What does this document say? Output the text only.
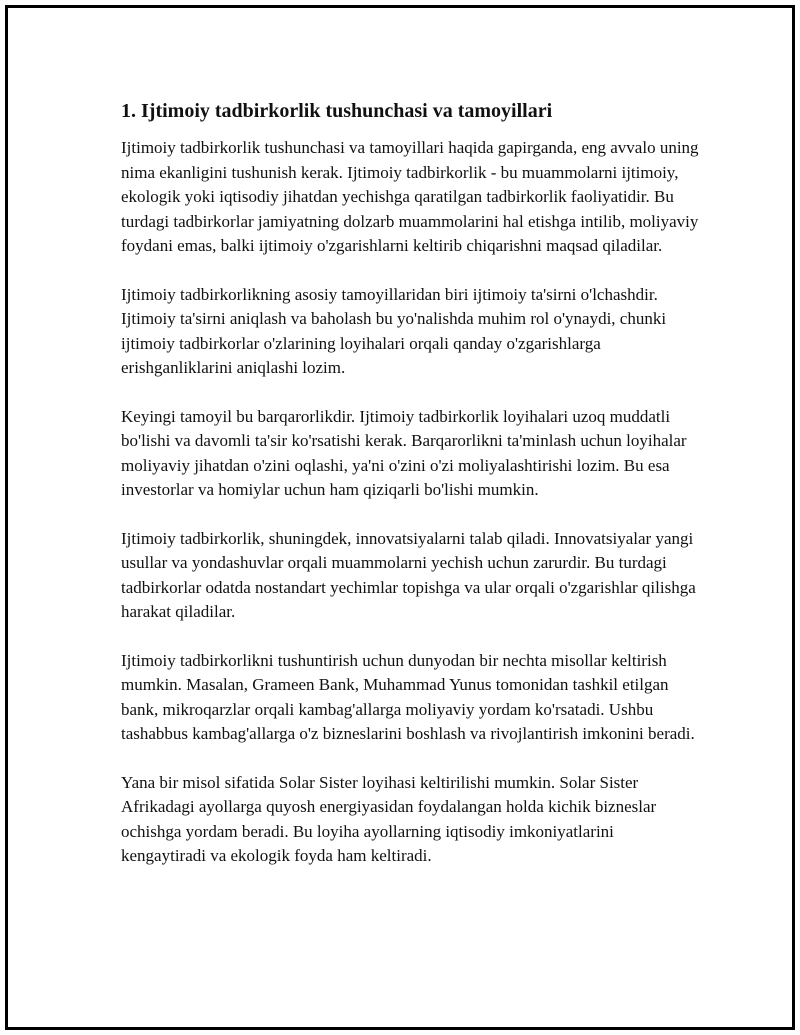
1. Ijtimoiy tadbirkorlik tushunchasi va tamoyillari

Ijtimoiy tadbirkorlik tushunchasi va tamoyillari haqida gapirganda, eng avvalo uning nima ekanligini tushunish kerak. Ijtimoiy tadbirkorlik - bu muammolarni ijtimoiy, ekologik yoki iqtisodiy jihatdan yechishga qaratilgan tadbirkorlik faoliyatidir. Bu turdagi tadbirkorlar jamiyatning dolzarb muammolarini hal etishga intilib, moliyaviy foydani emas, balki ijtimoiy o'zgarishlarni keltirib chiqarishni maqsad qiladilar.

Ijtimoiy tadbirkorlikning asosiy tamoyillaridan biri ijtimoiy ta'sirni o'lchashdir. Ijtimoiy ta'sirni aniqlash va baholash bu yo'nalishda muhim rol o'ynaydi, chunki ijtimoiy tadbirkorlar o'zlarining loyihalari orqali qanday o'zgarishlarga erishganliklarini aniqlashi lozim.

Keyingi tamoyil bu barqarorlikdir. Ijtimoiy tadbirkorlik loyihalari uzoq muddatli bo'lishi va davomli ta'sir ko'rsatishi kerak. Barqarorlikni ta'minlash uchun loyihalar moliyaviy jihatdan o'zini oqlashi, ya'ni o'zini o'zi moliyalashtirishi lozim. Bu esa investorlar va homiylar uchun ham qiziqarli bo'lishi mumkin.

Ijtimoiy tadbirkorlik, shuningdek, innovatsiyalarni talab qiladi. Innovatsiyalar yangi usullar va yondashuvlar orqali muammolarni yechish uchun zarurdir. Bu turdagi tadbirkorlar odatda nostandart yechimlar topishga va ular orqali o'zgarishlar qilishga harakat qiladilar.

Ijtimoiy tadbirkorlikni tushuntirish uchun dunyodan bir nechta misollar keltirish mumkin. Masalan, Grameen Bank, Muhammad Yunus tomonidan tashkil etilgan bank, mikroqarzlar orqali kambag'allarga moliyaviy yordam ko'rsatadi. Ushbu tashabbus kambag'allarga o'z bizneslarini boshlash va rivojlantirish imkonini beradi.

Yana bir misol sifatida Solar Sister loyihasi keltirilishi mumkin. Solar Sister Afrikadagi ayollarga quyosh energiyasidan foydalangan holda kichik bizneslar ochishga yordam beradi. Bu loyiha ayollarning iqtisodiy imkoniyatlarini kengaytiradi va ekologik foyda ham keltiradi.
